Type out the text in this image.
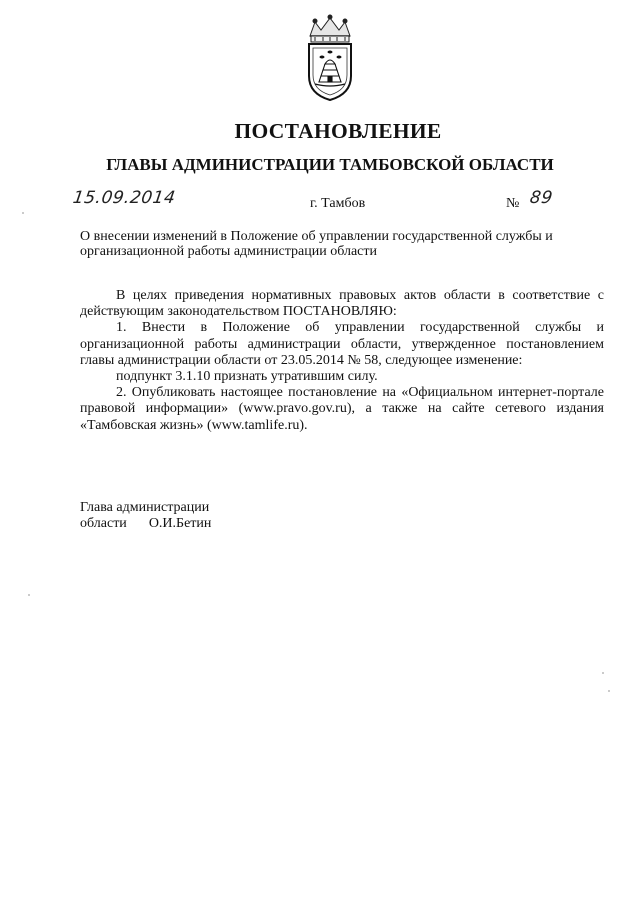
ПОСТАНОВЛЕНИЕ
ГЛАВЫ АДМИНИСТРАЦИИ ТАМБОВСКОЙ ОБЛАСТИ
15.09.2014	г. Тамбов	№ 89

О внесении изменений в Положение об управлении государственной службы и организационной работы администрации области

В целях приведения нормативных правовых актов области в соответствие с действующим законодательством ПОСТАНОВЛЯЮ:

1. Внести в Положение об управлении государственной службы и организационной работы администрации области, утвержденное постановлением главы администрации области от 23.05.2014 № 58, следующее изменение:

подпункт 3.1.10 признать утратившим силу.

2. Опубликовать настоящее постановление на «Официальном интернет-портале правовой информации» (www.pravo.gov.ru), а также на сайте сетевого издания «Тамбовская жизнь» (www.tamlife.ru).

Глава администрации
области О.И.Бетин
